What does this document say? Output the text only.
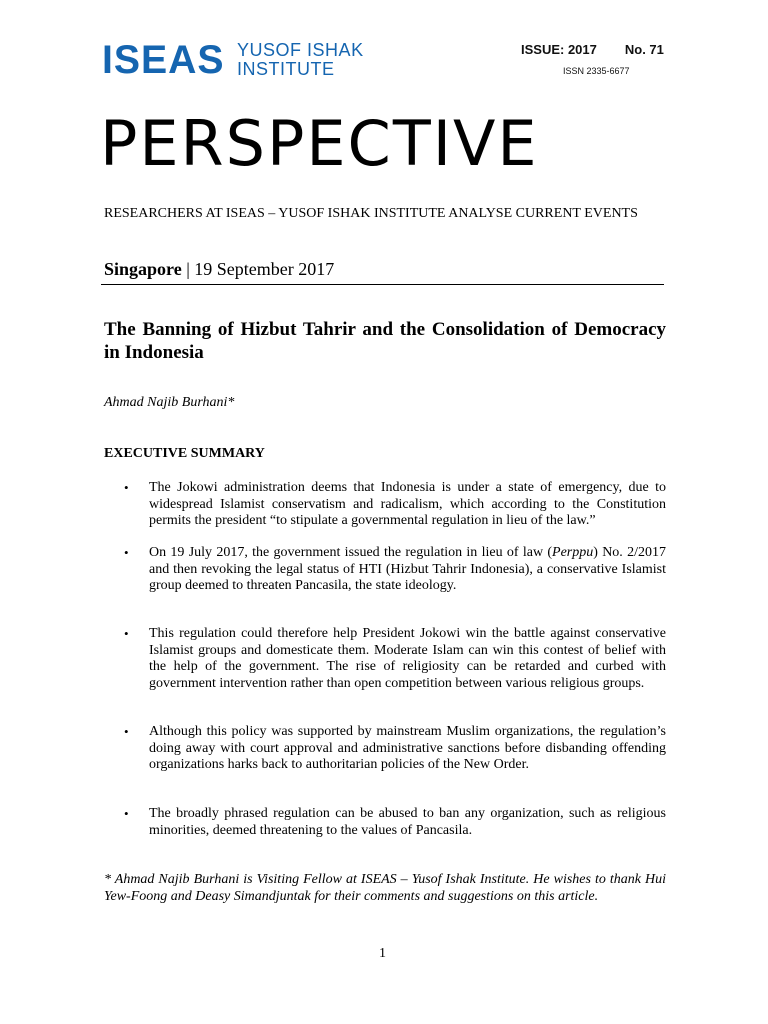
ISEAS YUSOF ISHAK
INSTITUTE
ISSUE: 2017 No. 71
ISSN 2335-6677
PERSPECTIVE
RESEARCHERS AT ISEAS – YUSOF ISHAK INSTITUTE ANALYSE CURRENT EVENTS
Singapore | 19 September 2017
The Banning of Hizbut Tahrir and the Consolidation of Democracy in Indonesia
Ahmad Najib Burhani*
EXECUTIVE SUMMARY
•	The Jokowi administration deems that Indonesia is under a state of emergency, due to widespread Islamist conservatism and radicalism, which according to the Constitution permits the president “to stipulate a governmental regulation in lieu of the law.”
•	On 19 July 2017, the government issued the regulation in lieu of law (Perppu) No. 2/2017 and then revoking the legal status of HTI (Hizbut Tahrir Indonesia), a conservative Islamist group deemed to threaten Pancasila, the state ideology.
•	This regulation could therefore help President Jokowi win the battle against conservative Islamist groups and domesticate them. Moderate Islam can win this contest of belief with the help of the government. The rise of religiosity can be retarded and curbed with government intervention rather than open competition between various religious groups.
•	Although this policy was supported by mainstream Muslim organizations, the regulation’s doing away with court approval and administrative sanctions before disbanding offending organizations harks back to authoritarian policies of the New Order.
•	The broadly phrased regulation can be abused to ban any organization, such as religious minorities, deemed threatening to the values of Pancasila.
* Ahmad Najib Burhani is Visiting Fellow at ISEAS – Yusof Ishak Institute. He wishes to thank Hui Yew-Foong and Deasy Simandjuntak for their comments and suggestions on this article.
1
